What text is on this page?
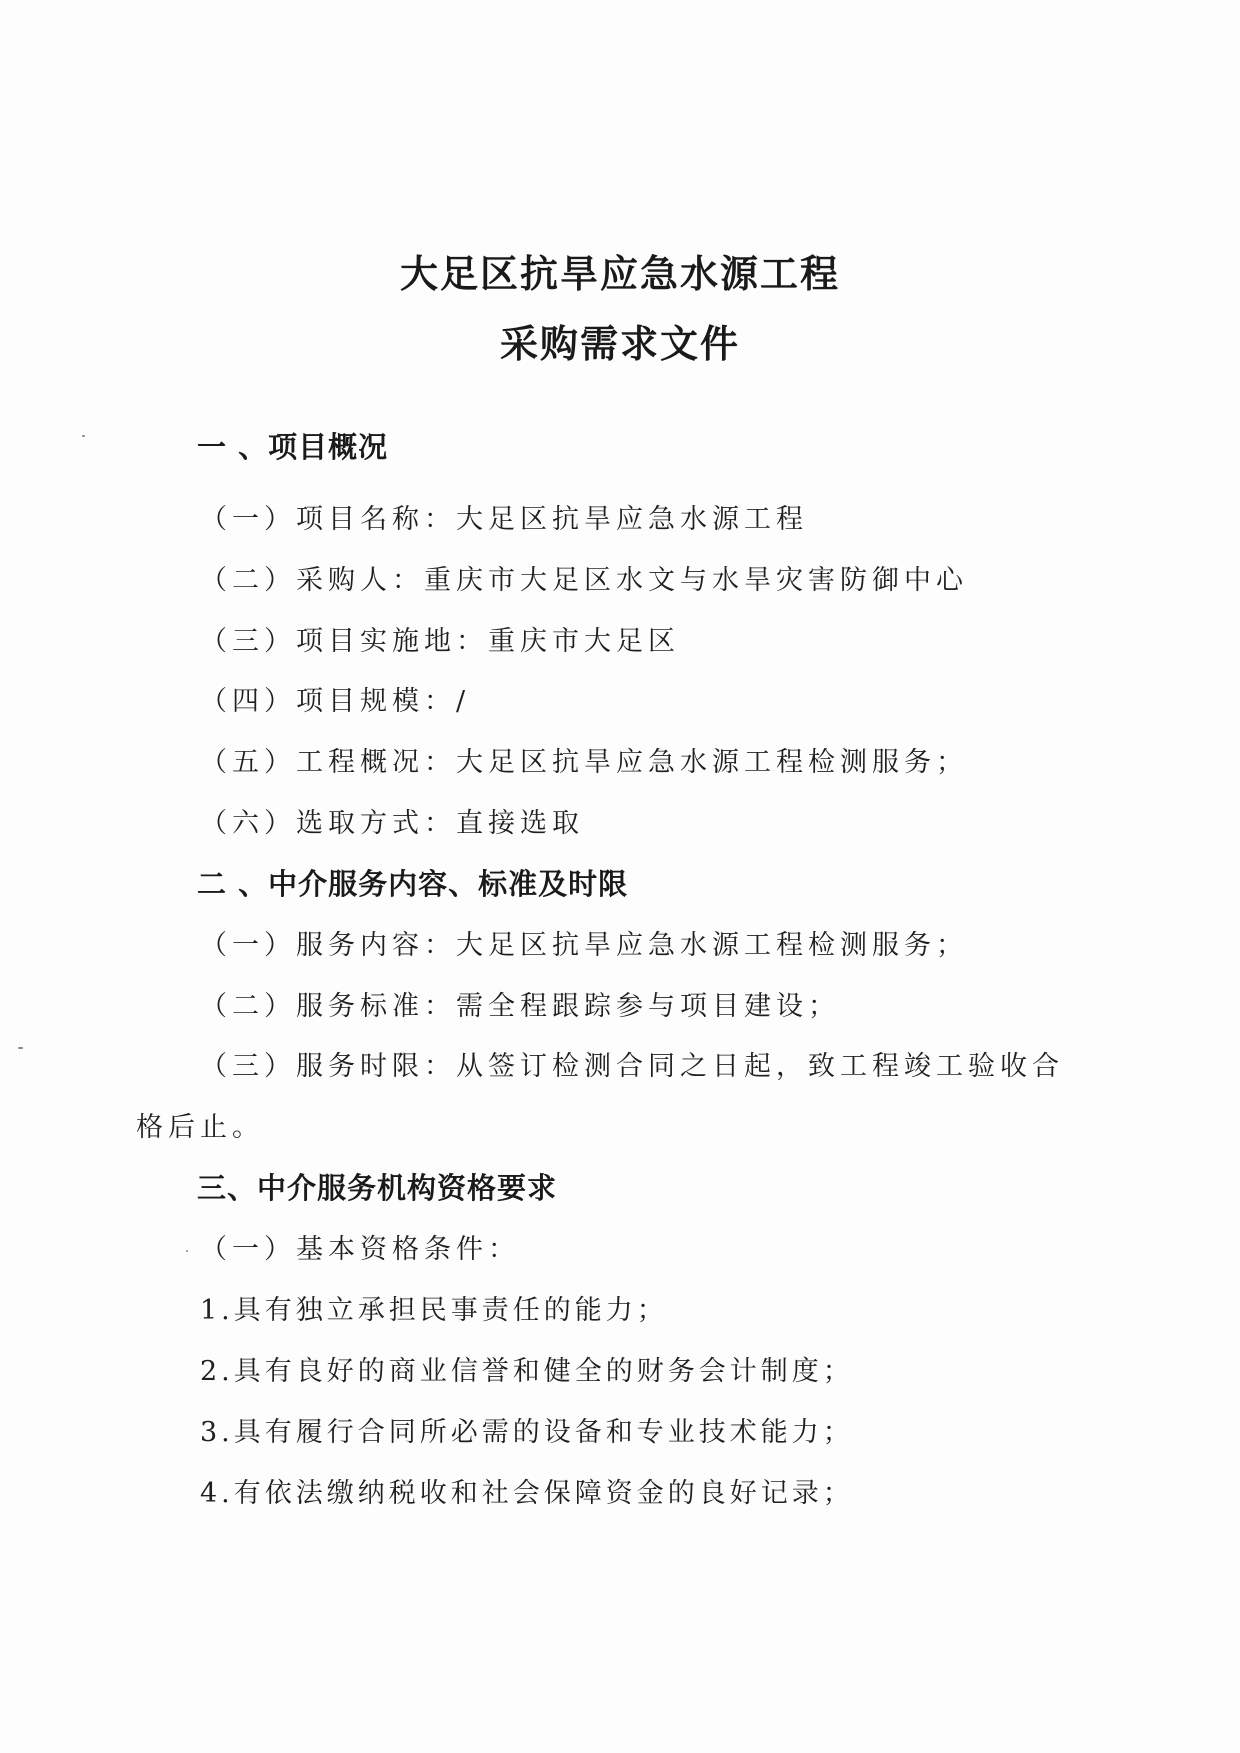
大足区抗旱应急水源工程
采购需求文件
一 、项目概况
（一）项目名称：大足区抗旱应急水源工程
（二）采购人：重庆市大足区水文与水旱灾害防御中心
（三）项目实施地：重庆市大足区
（四）项目规模：/
（五）工程概况：大足区抗旱应急水源工程检测服务；
（六）选取方式：直接选取
二 、中介服务内容、标准及时限
（一）服务内容：大足区抗旱应急水源工程检测服务；
（二）服务标准：需全程跟踪参与项目建设；
（三）服务时限：从签订检测合同之日起，致工程竣工验收合
格后止。
三、中介服务机构资格要求
（一）基本资格条件：
1.具有独立承担民事责任的能力；
2.具有良好的商业信誉和健全的财务会计制度；
3.具有履行合同所必需的设备和专业技术能力；
4.有依法缴纳税收和社会保障资金的良好记录；
